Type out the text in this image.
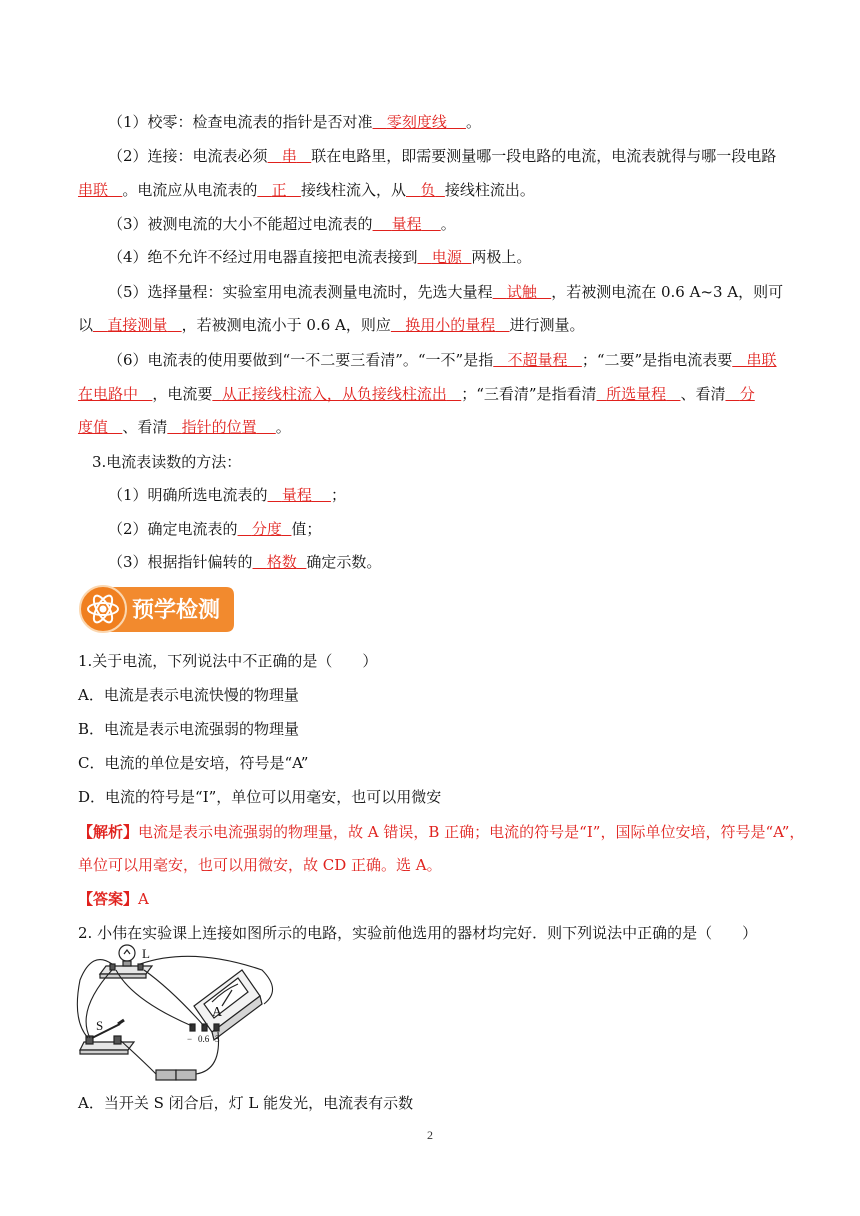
（1）校零：检查电流表的指针是否对准 零刻度线 。
（2）连接：电流表必须 串 联在电路里，即需要测量哪一段电路的电流，电流表就得与哪一段电路
串联 。电流应从电流表的 正 接线柱流入，从 负 接线柱流出。
（3）被测电流的大小不能超过电流表的 量程 。
（4）绝不允许不经过用电器直接把电流表接到 电源 两极上。
（5）选择量程：实验室用电流表测量电流时，先选大量程 试触 ，若被测电流在 0.6 A~3 A，则可
以 直接测量 ，若被测电流小于 0.6 A，则应 换用小的量程 进行测量。
（6）电流表的使用要做到“一不二要三看清”。“一不”是指 不超量程 ；“二要”是指电流表要 串联
在电路中 ，电流要 从正接线柱流入，从负接线柱流出 ；“三看清”是指看清 所选量程 、看清 分
度值 、看清 指针的位置 。
3.电流表读数的方法：
（1）明确所选电流表的 量程 ；
（2）确定电流表的 分度 值；
（3）根据指针偏转的 格数 确定示数。
预学检测
1.关于电流，下列说法中不正确的是（　　）
A．电流是表示电流快慢的物理量
B．电流是表示电流强弱的物理量
C．电流的单位是安培，符号是“A”
D．电流的符号是“I”，单位可以用毫安，也可以用微安
【解析】电流是表示电流强弱的物理量，故 A 错误，B 正确；电流的符号是“I”，国际单位安培，符号是“A”，
单位可以用毫安，也可以用微安，故 CD 正确。选 A。
【答案】A
2. 小伟在实验课上连接如图所示的电路，实验前他选用的器材均完好．则下列说法中正确的是（　　）
L
S
A
− 0.6 3
A．当开关 S 闭合后，灯 L 能发光，电流表有示数
2
